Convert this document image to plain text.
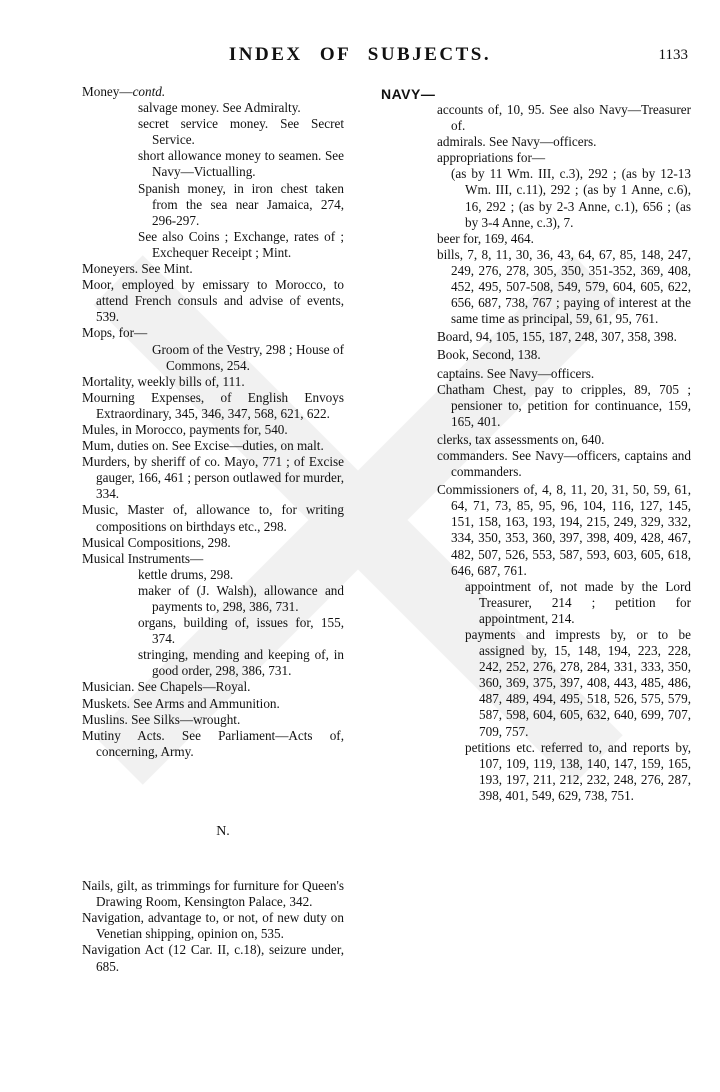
INDEX OF SUBJECTS.	1133
Money—contd.
salvage money. See Admiralty.
secret service money. See Secret Service.
short allowance money to seamen. See Navy—Victualling.
Spanish money, in iron chest taken from the sea near Jamaica, 274, 296-297.
See also Coins ; Exchange, rates of ; Exchequer Receipt ; Mint.
Moneyers. See Mint.
Moor, employed by emissary to Morocco, to attend French consuls and advise of events, 539.
Mops, for—
Groom of the Vestry, 298 ; House of Commons, 254.
Mortality, weekly bills of, 111.
Mourning Expenses, of English Envoys Extraordinary, 345, 346, 347, 568, 621, 622.
Mules, in Morocco, payments for, 540.
Mum, duties on. See Excise—duties, on malt.
Murders, by sheriff of co. Mayo, 771 ; of Excise gauger, 166, 461 ; person outlawed for murder, 334.
Music, Master of, allowance to, for writing compositions on birthdays etc., 298.
Musical Compositions, 298.
Musical Instruments—
kettle drums, 298.
maker of (J. Walsh), allowance and payments to, 298, 386, 731.
organs, building of, issues for, 155, 374.
stringing, mending and keeping of, in good order, 298, 386, 731.
Musician. See Chapels—Royal.
Muskets. See Arms and Ammunition.
Muslins. See Silks—wrought.
Mutiny Acts. See Parliament—Acts of, concerning, Army.
N.
Nails, gilt, as trimmings for furniture for Queen's Drawing Room, Kensington Palace, 342.
Navigation, advantage to, or not, of new duty on Venetian shipping, opinion on, 535.
Navigation Act (12 Car. II, c.18), seizure under, 685.
NAVY—
accounts of, 10, 95. See also Navy—Treasurer of.
admirals. See Navy—officers.
appropriations for—
(as by 11 Wm. III, c.3), 292 ; (as by 12-13 Wm. III, c.11), 292 ; (as by 1 Anne, c.6), 16, 292 ; (as by 2-3 Anne, c.1), 656 ; (as by 3-4 Anne, c.3), 7.
beer for, 169, 464.
bills, 7, 8, 11, 30, 36, 43, 64, 67, 85, 148, 247, 249, 276, 278, 305, 350, 351-352, 369, 408, 452, 495, 507-508, 549, 579, 604, 605, 622, 656, 687, 738, 767 ; paying of interest at the same time as principal, 59, 61, 95, 761.
Board, 94, 105, 155, 187, 248, 307, 358, 398.
Book, Second, 138.
captains. See Navy—officers.
Chatham Chest, pay to cripples, 89, 705 ; pensioner to, petition for continuance, 159, 165, 401.
clerks, tax assessments on, 640.
commanders. See Navy—officers, captains and commanders.
Commissioners of, 4, 8, 11, 20, 31, 50, 59, 61, 64, 71, 73, 85, 95, 96, 104, 116, 127, 145, 151, 158, 163, 193, 194, 215, 249, 329, 332, 334, 350, 353, 360, 397, 398, 409, 428, 467, 482, 507, 526, 553, 587, 593, 603, 605, 618, 646, 687, 761.
appointment of, not made by the Lord Treasurer, 214 ; petition for appointment, 214.
payments and imprests by, or to be assigned by, 15, 148, 194, 223, 228, 242, 252, 276, 278, 284, 331, 333, 350, 360, 369, 375, 397, 408, 443, 485, 486, 487, 489, 494, 495, 518, 526, 575, 579, 587, 598, 604, 605, 632, 640, 699, 707, 709, 757.
petitions etc. referred to, and reports by, 107, 109, 119, 138, 140, 147, 159, 165, 193, 197, 211, 212, 232, 248, 276, 287, 398, 401, 549, 629, 738, 751.
